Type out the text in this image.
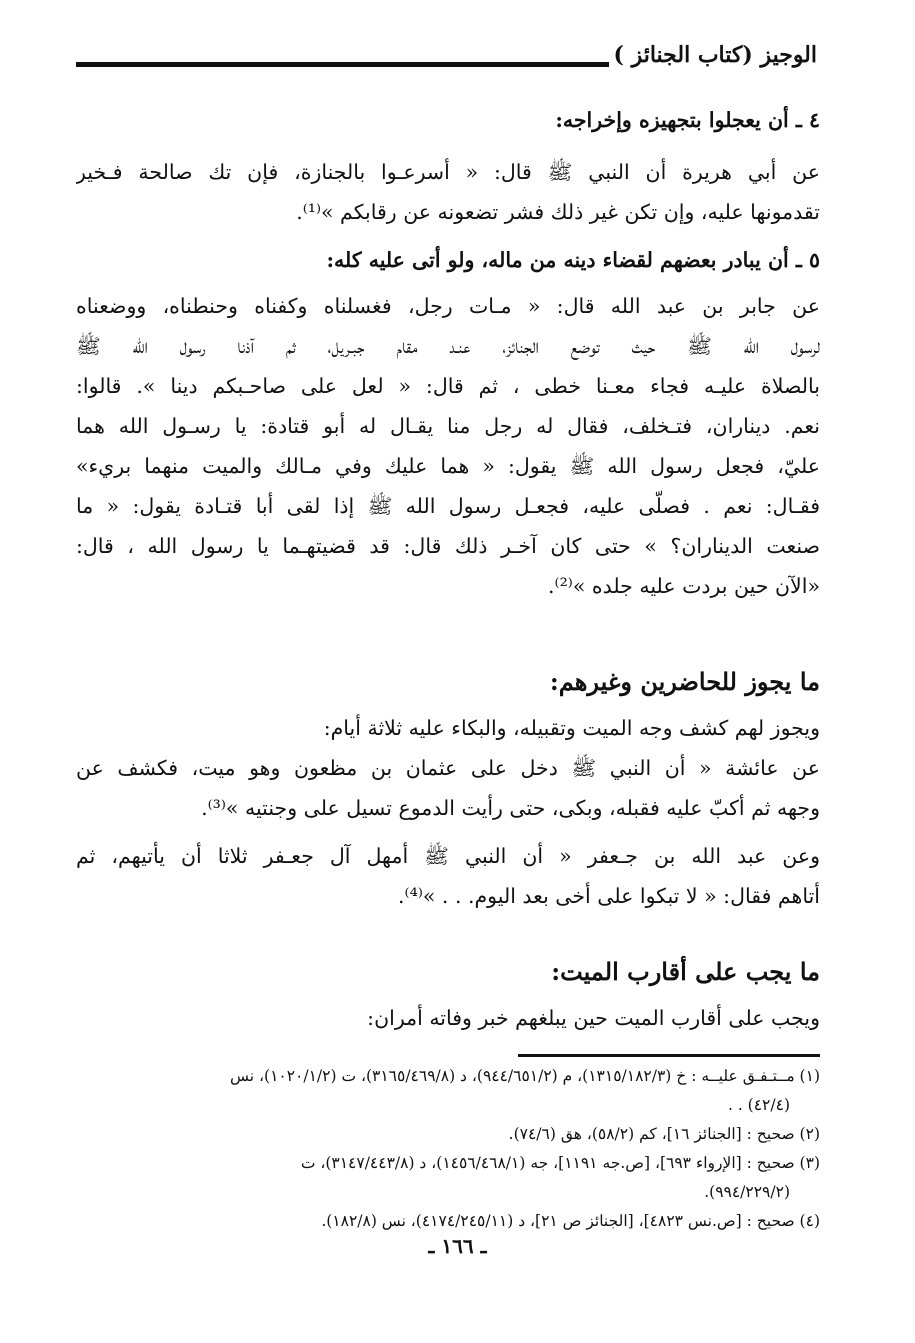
الوجيز (كتاب الجنائز )
٤ ـ أن يعجلوا بتجهيزه وإخراجه:
عن أبي هريرة أن النبي ﷺ قال: « أسرعـوا بالجنازة، فإن تك صالحة فـخير
تقدمونها عليه، وإن تكن غير ذلك فشر تضعونه عن رقابكم »⁽¹⁾.
٥ ـ أن يبادر بعضهم لقضاء دينه من ماله، ولو أتى عليه كله:
عن جابر بن عبد الله قال: « مـات رجل، فغسلناه وكفناه وحنطناه، ووضعناه
لرسول الله ﷺ حيث توضع الجنائز، عنـد مقام جبـريل، ثم آذنا رسول الله ﷺ
بالصلاة عليـه فجاء معـنا خطى ، ثم قال: « لعل على صاحـبكم دينا ». قالوا:
نعم. ديناران، فتـخلف، فقال له رجل منا يقـال له أبو قتادة: يا رسـول الله هما
عليّ، فجعل رسول الله ﷺ يقول: « هما عليك وفي مـالك والميت منهما بريء»
فقـال: نعم . فصلّى عليه، فجعـل رسول الله ﷺ إذا لقى أبا قتـادة يقول: « ما
صنعت الديناران؟ » حتى كان آخـر ذلك قال: قد قضيتهـما يا رسول الله ، قال:
«الآن حين بردت عليه جلده »⁽²⁾.
ما يجوز للحاضرين وغيرهم:
ويجوز لهم كشف وجه الميت وتقبيله، والبكاء عليه ثلاثة أيام:
عن عائشة « أن النبي ﷺ دخل على عثمان بن مظعون وهو ميت، فكشف عن
وجهه ثم أكبّ عليه فقبله، وبكى، حتى رأيت الدموع تسيل على وجنتيه »⁽³⁾.
وعن عبد الله بن جـعفر « أن النبي ﷺ أمهل آل جعـفر ثلاثا أن يأتيهم، ثم
أتاهم فقال: « لا تبكوا على أخى بعد اليوم. . . »⁽⁴⁾.
ما يجب على أقارب الميت:
ويجب على أقارب الميت حين يبلغهم خبر وفاته أمران:
(١) مــتـفـق عليــه : خ (١٣١٥/١٨٢/٣)، م (٩٤٤/٦٥١/٢)، د (٣١٦٥/٤٦٩/٨)، ت (١٠٢٠/١/٢)، نس
(٤٢/٤) . .
(٢) صحيح : [الجنائز ١٦]، كم (٥٨/٢)، هق (٧٤/٦).
(٣) صحيح : [الإرواء ٦٩٣]، [ص.جه ١١٩١]، جه (١٤٥٦/٤٦٨/١)، د (٣١٤٧/٤٤٣/٨)، ت
(٩٩٤/٢٢٩/٢).
(٤) صحيح : [ص.نس ٤٨٢٣]، [الجنائز ص ٢١]، د (٤١٧٤/٢٤٥/١١)، نس (١٨٢/٨).
ـ ١٦٦ ـ
